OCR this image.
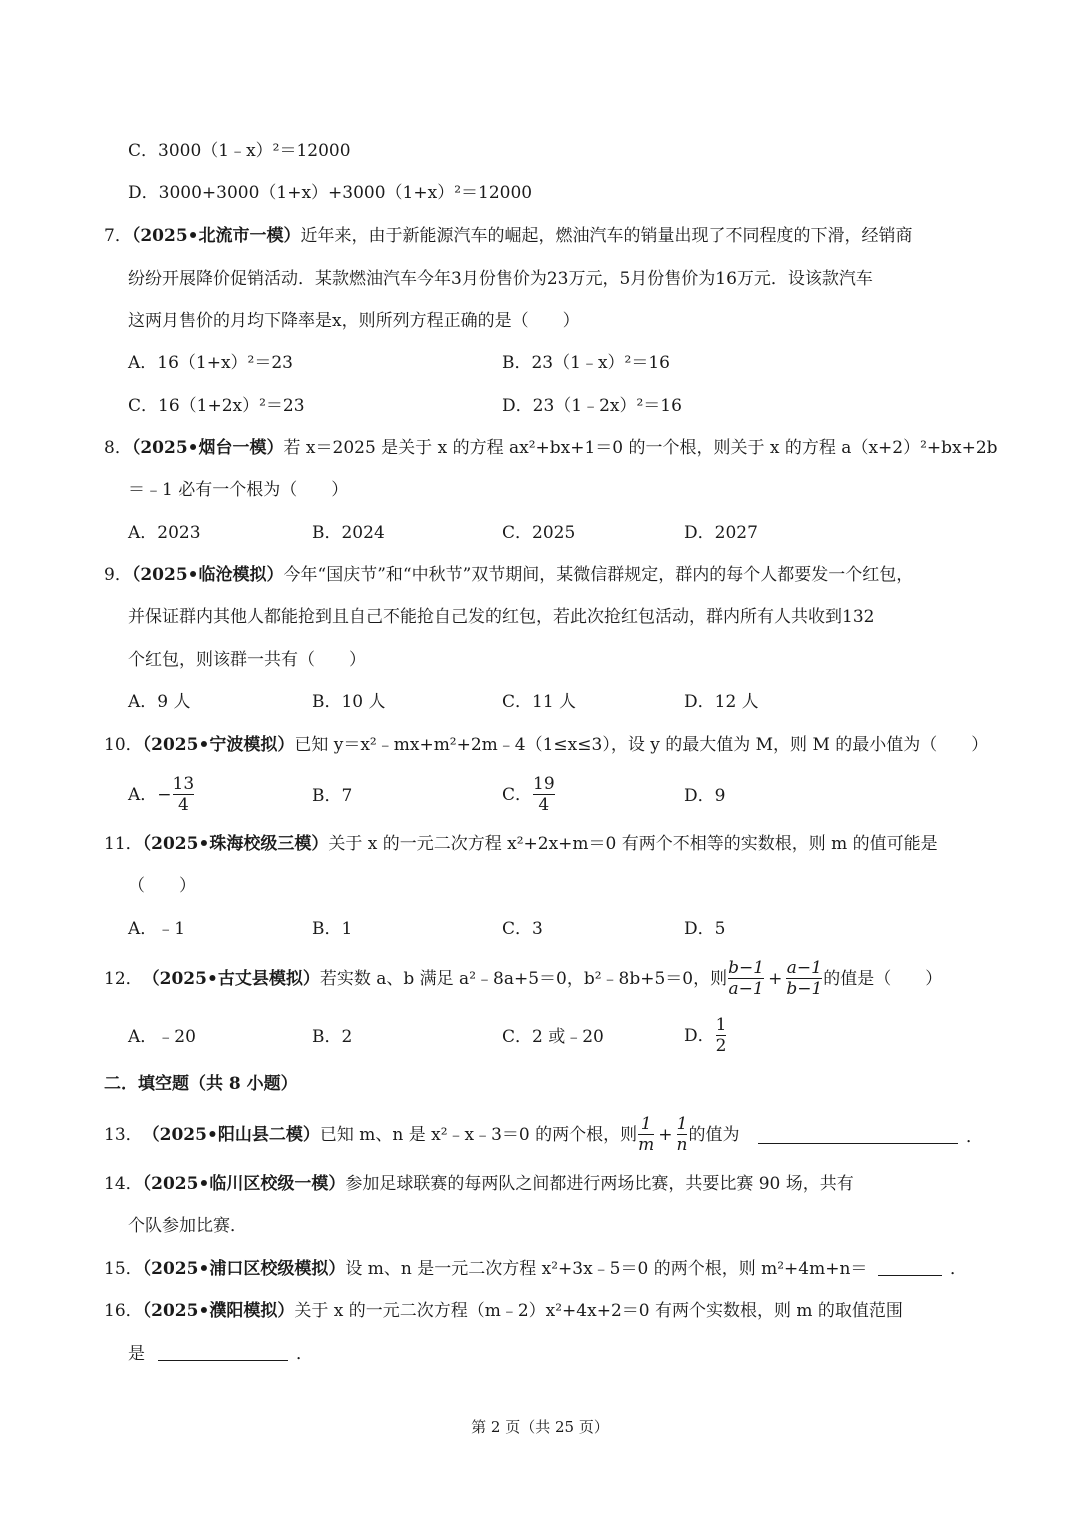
C．3000（1﹣x）²＝12000
D．3000+3000（1+x）+3000（1+x）²＝12000
7．（2025•北流市一模）近年来，由于新能源汽车的崛起，燃油汽车的销量出现了不同程度的下滑，经销商
纷纷开展降价促销活动．某款燃油汽车今年3月份售价为23万元，5月份售价为16万元．设该款汽车
这两月售价的月均下降率是x，则所列方程正确的是（　　）
A．16（1+x）²＝23	B．23（1﹣x）²＝16
C．16（1+2x）²＝23	D．23（1﹣2x）²＝16
8．（2025•烟台一模）若 x＝2025 是关于 x 的方程 ax²+bx+1＝0 的一个根，则关于 x 的方程 a（x+2）²+bx+2b
＝﹣1 必有一个根为（　　）
A．2023	B．2024	C．2025	D．2027
9．（2025•临沧模拟）今年“国庆节”和“中秋节”双节期间，某微信群规定，群内的每个人都要发一个红包，
并保证群内其他人都能抢到且自己不能抢自己发的红包，若此次抢红包活动，群内所有人共收到132
个红包，则该群一共有（　　）
A．9 人	B．10 人	C．11 人	D．12 人
10．（2025•宁波模拟）已知 y＝x²﹣mx+m²+2m﹣4（1≤x≤3），设 y 的最大值为 M，则 M 的最小值为（　　）
A．− $\frac{13}{4}$	B．7	C． $\frac{19}{4}$	D．9
11．（2025•珠海校级三模）关于 x 的一元二次方程 x²+2x+m＝0 有两个不相等的实数根，则 m 的值可能是
（　　）
A．﹣1	B．1	C．3	D．5
12．（2025•古丈县模拟）若实数 a、b 满足 a²﹣8a+5＝0，b²﹣8b+5＝0，则 $\frac{b-1}{a-1} + \frac{a-1}{b-1}$ 的值是（　　）
A．﹣20	B．2	C．2 或﹣20	D． $\frac{1}{2}$
二．填空题（共 8 小题）
13．（2025•阳山县二模）已知 m、n 是 x²﹣x﹣3＝0 的两个根，则 $\frac{1}{m} + \frac{1}{n}$ 的值为	．
14．（2025•临川区校级一模）参加足球联赛的每两队之间都进行两场比赛，共要比赛 90 场，共有
个队参加比赛．
15．（2025•浦口区校级模拟）设 m、n 是一元二次方程 x²+3x﹣5＝0 的两个根，则 m²+4m+n＝	．
16．（2025•濮阳模拟）关于 x 的一元二次方程（m﹣2）x²+4x+2＝0 有两个实数根，则 m 的取值范围
是	．
第 2 页（共 25 页）
